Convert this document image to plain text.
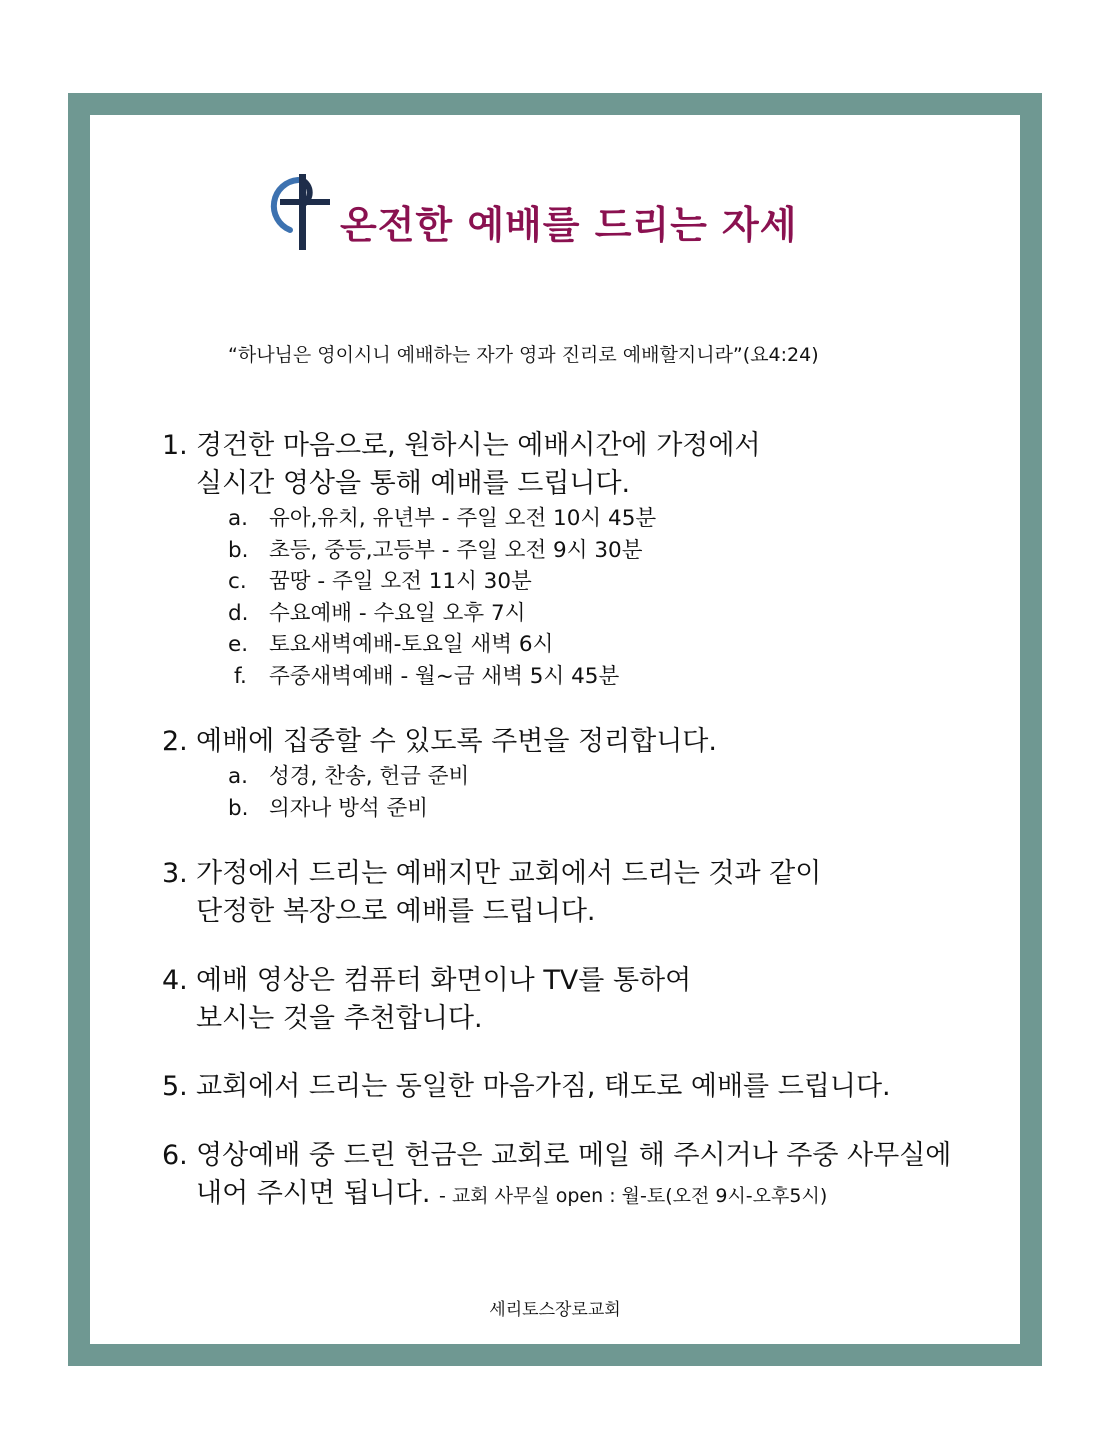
온전한 예배를 드리는 자세
“하나님은 영이시니 예배하는 자가 영과 진리로 예배할지니라”(요4:24)
1. 경건한 마음으로, 원하시는 예배시간에 가정에서
실시간 영상을 통해 예배를 드립니다.
a. 유아,유치, 유년부 - 주일 오전 10시 45분
b. 초등, 중등,고등부 - 주일 오전 9시 30분
c.	꿈땅 - 주일 오전 11시 30분
d. 수요예배 - 수요일 오후 7시
e. 토요새벽예배-토요일 새벽 6시
f.	주중새벽예배 - 월~금 새벽 5시 45분
2. 예배에 집중할 수 있도록 주변을 정리합니다.
a. 성경, 찬송, 헌금 준비
b. 의자나 방석 준비
3. 가정에서 드리는 예배지만 교회에서 드리는 것과 같이
단정한 복장으로 예배를 드립니다.
4. 예배 영상은 컴퓨터 화면이나 TV를 통하여
보시는 것을 추천합니다.
5. 교회에서 드리는 동일한 마음가짐, 태도로 예배를 드립니다.
6. 영상예배 중 드린 헌금은 교회로 메일 해 주시거나 주중 사무실에
내어 주시면 됩니다. - 교회 사무실 open : 월-토(오전 9시-오후5시)
세리토스장로교회
